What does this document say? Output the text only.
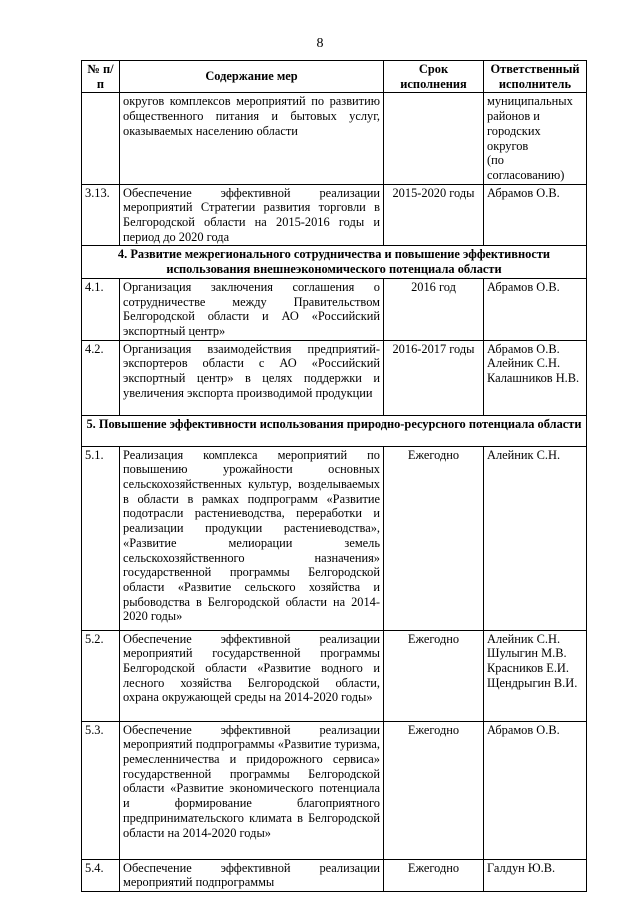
8
№ п/п	Содержание мер	Срок исполнения	Ответственный исполнитель
	округов комплексов мероприятий по развитию общественного питания и бытовых услуг, оказываемых населению области		муниципальных
районов и
городских округов
(по согласованию)

3.13.	Обеспечение эффективной реализации мероприятий Стратегии развития торговли в Белгородской области на 2015-2016 годы и период до 2020 года	2015-2020 годы	Абрамов О.В.

4. Развитие межрегионального сотрудничества и повышение эффективности использования внешнеэкономического потенциала области			
4.1.	Организация заключения соглашения о сотрудничестве между Правительством Белгородской области и АО «Российский экспортный центр»	2016 год	Абрамов О.В.

4.2.	Организация взаимодействия предприятий-экспортеров области с АО «Российский экспортный центр» в целях поддержки и увеличения экспорта производимой продукции	2016-2017 годы	Абрамов О.В.
Алейник С.Н.
Калашников Н.В.

5. Повышение эффективности использования природно-ресурсного потенциала области			
5.1.	Реализация комплекса мероприятий по повышению урожайности основных сельскохозяйственных культур, возделываемых в области в рамках подпрограмм «Развитие подотрасли растениеводства, переработки и реализации продукции растениеводства», «Развитие мелиорации земель сельскохозяйственного назначения» государственной программы Белгородской области «Развитие сельского хозяйства и рыбоводства в Белгородской области на 2014-2020 годы»	Ежегодно	Алейник С.Н.

5.2.	Обеспечение эффективной реализации мероприятий государственной программы Белгородской области «Развитие водного и лесного хозяйства Белгородской области, охрана окружающей среды на 2014-2020 годы»	Ежегодно	Алейник С.Н.
Шулыгин М.В.
Красников Е.И.
Щендрыгин В.И.

5.3.	Обеспечение эффективной реализации мероприятий подпрограммы «Развитие туризма, ремесленничества и придорожного сервиса» государственной программы Белгородской области «Развитие экономического потенциала и формирование благоприятного предпринимательского климата в Белгородской области на 2014-2020 годы»	Ежегодно	Абрамов О.В.

5.4.	Обеспечение эффективной реализации мероприятий подпрограммы	Ежегодно	Галдун Ю.В.
